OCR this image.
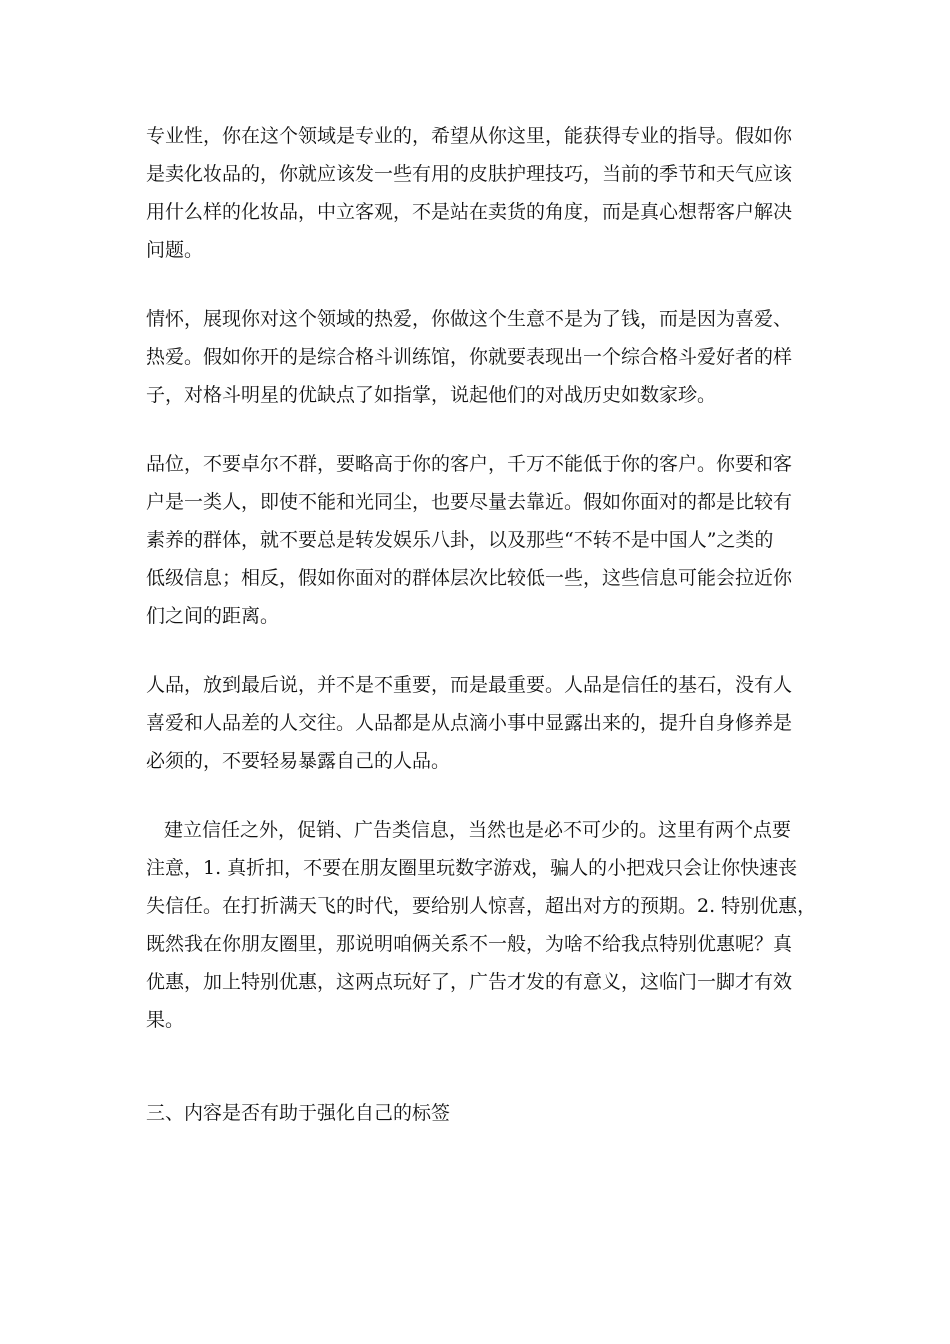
专业性，你在这个领域是专业的，希望从你这里，能获得专业的指导。假如你
是卖化妆品的，你就应该发一些有用的皮肤护理技巧，当前的季节和天气应该
用什么样的化妆品，中立客观，不是站在卖货的角度，而是真心想帮客户解决
问题。
情怀，展现你对这个领域的热爱，你做这个生意不是为了钱，而是因为喜爱、
热爱。假如你开的是综合格斗训练馆，你就要表现出一个综合格斗爱好者的样
子，对格斗明星的优缺点了如指掌，说起他们的对战历史如数家珍。
品位，不要卓尔不群，要略高于你的客户，千万不能低于你的客户。你要和客
户是一类人，即使不能和光同尘，也要尽量去靠近。假如你面对的都是比较有
素养的群体，就不要总是转发娱乐八卦，以及那些“不转不是中国人”之类的
低级信息；相反，假如你面对的群体层次比较低一些，这些信息可能会拉近你
们之间的距离。
人品，放到最后说，并不是不重要，而是最重要。人品是信任的基石，没有人
喜爱和人品差的人交往。人品都是从点滴小事中显露出来的，提升自身修养是
必须的，不要轻易暴露自己的人品。
建立信任之外，促销、广告类信息，当然也是必不可少的。这里有两个点要
注意，1. 真折扣，不要在朋友圈里玩数字游戏，骗人的小把戏只会让你快速丧
失信任。在打折满天飞的时代，要给别人惊喜，超出对方的预期。2. 特别优惠，
既然我在你朋友圈里，那说明咱俩关系不一般，为啥不给我点特别优惠呢？真
优惠，加上特别优惠，这两点玩好了，广告才发的有意义，这临门一脚才有效
果。
三、内容是否有助于强化自己的标签
